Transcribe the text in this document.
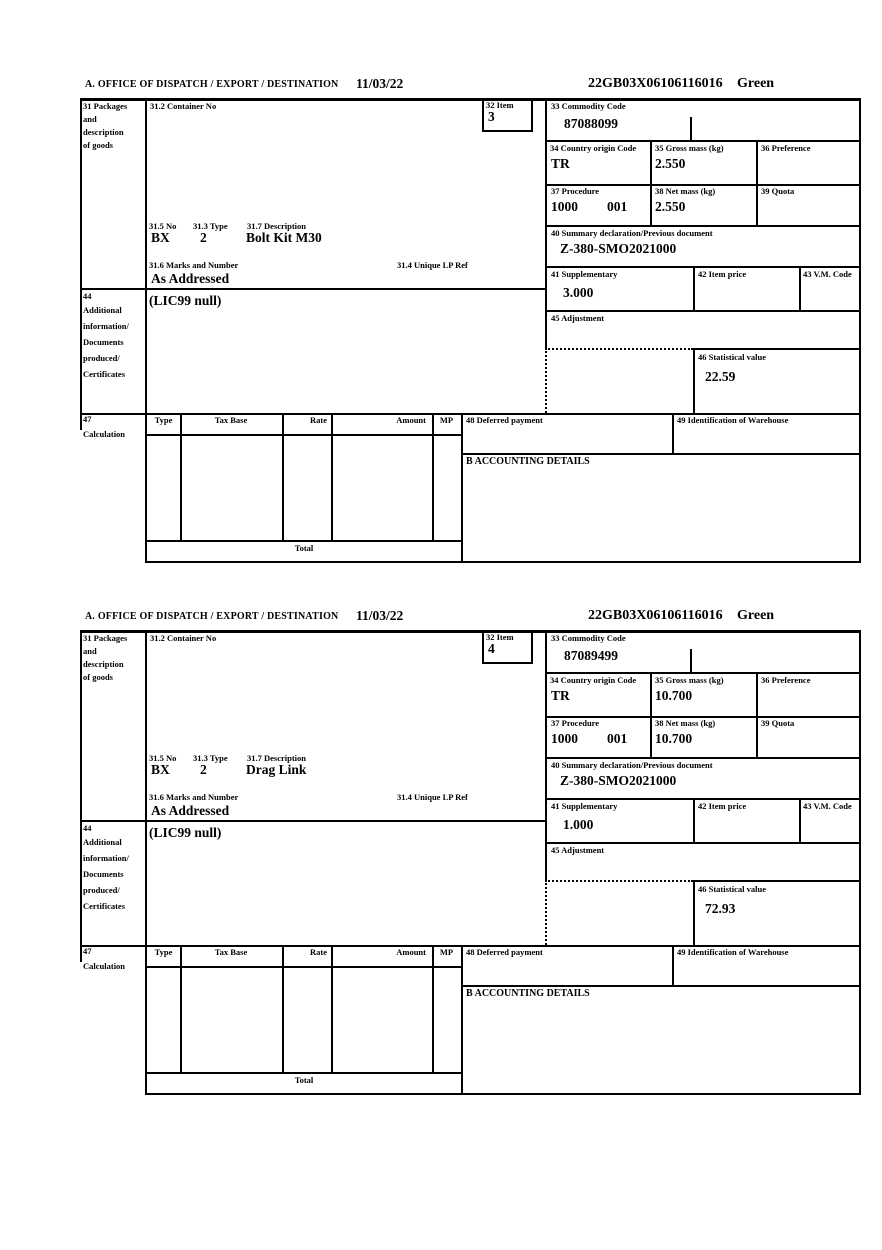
A. OFFICE OF DISPATCH / EXPORT / DESTINATION 11/03/22	22GB03X06106116016 Green
31 Packages
and
description
of goods
44
Additional
information/
Documents
produced/
Certificates
47
Calculation
31.2 Container No	32 Item
3
31.5 No 31.3 Type 31.7 Description
BX 2	Bolt Kit M30
31.6 Marks and Number	31.4 Unique LP Ref
As Addressed
(LIC99 null)
33 Commodity Code
87088099
34 Country origin Code
TR
35 Gross mass (kg)
2.550
36 Preference
37 Procedure
1000 001
38 Net mass (kg)
2.550
39 Quota
40 Summary declaration/Previous document
Z-380-SMO2021000
41 Supplementary
3.000
42 Item price	43 V.M. Code
45 Adjustment
46 Statistical value
22.59
Type	Tax Base	Rate	Amount	MP
Total
48 Deferred payment	49 Identification of Warehouse
B ACCOUNTING DETAILS
A. OFFICE OF DISPATCH / EXPORT / DESTINATION 11/03/22	22GB03X06106116016 Green
31 Packages
and
description
of goods
44
Additional
information/
Documents
produced/
Certificates
47
Calculation
31.2 Container No	32 Item
4
31.5 No 31.3 Type 31.7 Description
BX 2	Drag Link
31.6 Marks and Number	31.4 Unique LP Ref
As Addressed
(LIC99 null)
33 Commodity Code
87089499
34 Country origin Code
TR
35 Gross mass (kg)
10.700
36 Preference
37 Procedure
1000 001
38 Net mass (kg)
10.700
39 Quota
40 Summary declaration/Previous document
Z-380-SMO2021000
41 Supplementary
1.000
42 Item price	43 V.M. Code
45 Adjustment
46 Statistical value
72.93
Type	Tax Base	Rate	Amount	MP
Total
48 Deferred payment	49 Identification of Warehouse
B ACCOUNTING DETAILS
